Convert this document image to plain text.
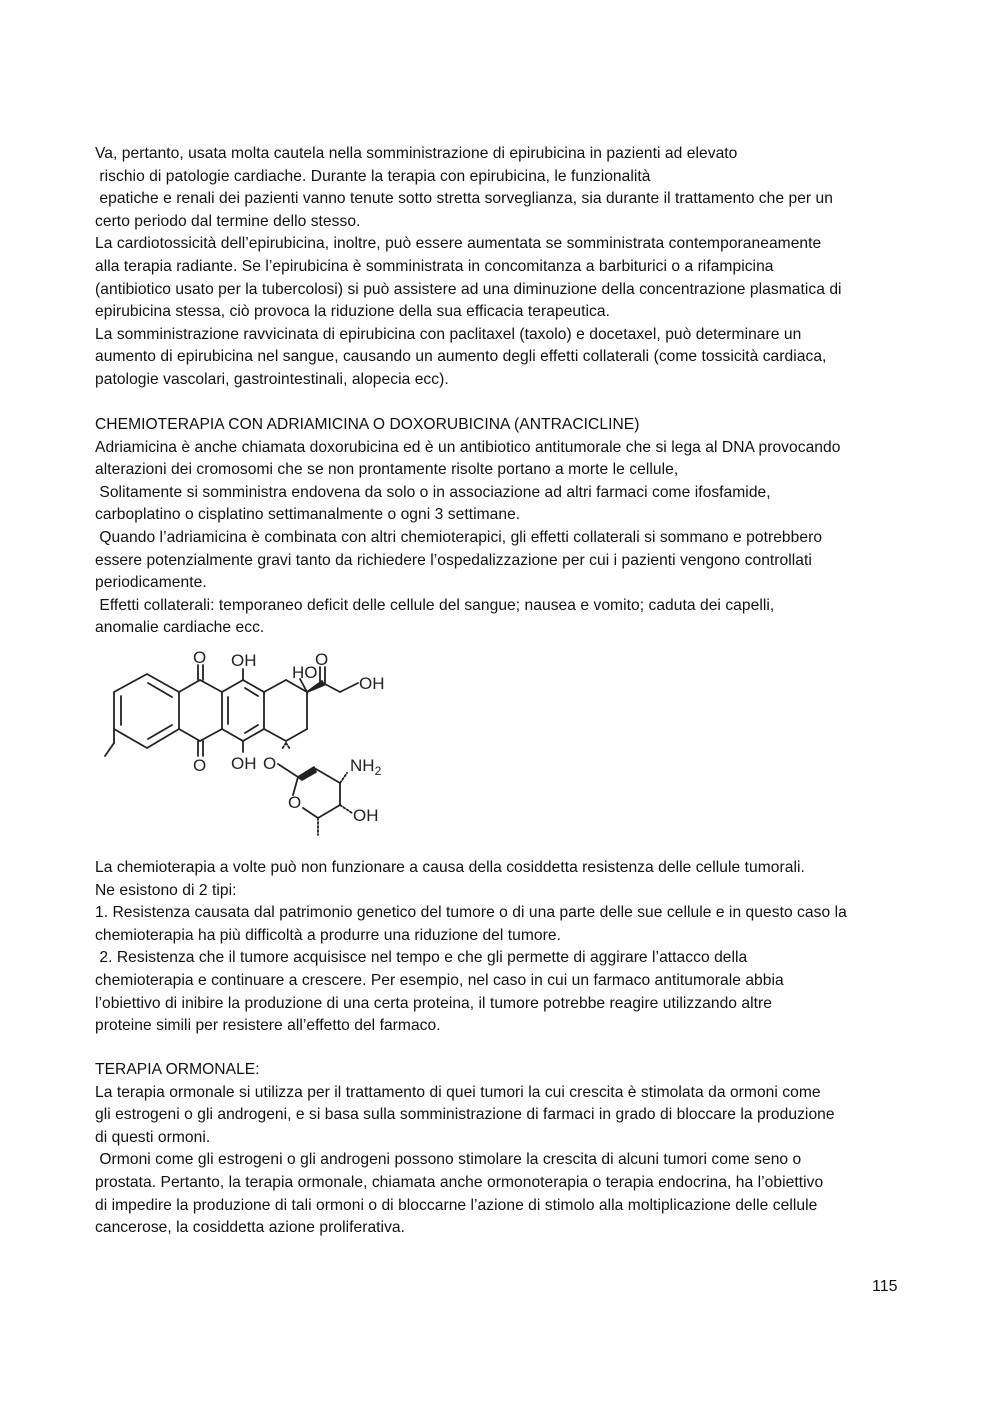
Va, pertanto, usata molta cautela nella somministrazione di epirubicina in pazienti ad elevato
rischio di patologie cardiache. Durante la terapia con epirubicina, le funzionalità
epatiche e renali dei pazienti vanno tenute sotto stretta sorveglianza, sia durante il trattamento che per un
certo periodo dal termine dello stesso.
La cardiotossicità dell’epirubicina, inoltre, può essere aumentata se somministrata contemporaneamente
alla terapia radiante. Se l’epirubicina è somministrata in concomitanza a barbiturici o a rifampicina
(antibiotico usato per la tubercolosi) si può assistere ad una diminuzione della concentrazione plasmatica di
epirubicina stessa, ciò provoca la riduzione della sua efficacia terapeutica.
La somministrazione ravvicinata di epirubicina con paclitaxel (taxolo) e docetaxel, può determinare un
aumento di epirubicina nel sangue, causando un aumento degli effetti collaterali (come tossicità cardiaca,
patologie vascolari, gastrointestinali, alopecia ecc).
CHEMIOTERAPIA CON ADRIAMICINA O DOXORUBICINA (ANTRACICLINE)
Adriamicina è anche chiamata doxorubicina ed è un antibiotico antitumorale che si lega al DNA provocando
alterazioni dei cromosomi che se non prontamente risolte portano a morte le cellule,
Solitamente si somministra endovena da solo o in associazione ad altri farmaci come ifosfamide,
carboplatino o cisplatino settimanalmente o ogni 3 settimane.
Quando l’adriamicina è combinata con altri chemioterapici, gli effetti collaterali si sommano e potrebbero
essere potenzialmente gravi tanto da richiedere l’ospedalizzazione per cui i pazienti vengono controllati
periodicamente.
Effetti collaterali: temporaneo deficit delle cellule del sangue; nausea e vomito; caduta dei capelli,
anomalie cardiache ecc.
O OH
HO
O
OH
O OH O	$NH_2$
O
OH
La chemioterapia a volte può non funzionare a causa della cosiddetta resistenza delle cellule tumorali.
Ne esistono di 2 tipi:
1. Resistenza causata dal patrimonio genetico del tumore o di una parte delle sue cellule e in questo caso la
chemioterapia ha più difficoltà a produrre una riduzione del tumore.
2. Resistenza che il tumore acquisisce nel tempo e che gli permette di aggirare l’attacco della
chemioterapia e continuare a crescere. Per esempio, nel caso in cui un farmaco antitumorale abbia
l’obiettivo di inibire la produzione di una certa proteina, il tumore potrebbe reagire utilizzando altre
proteine simili per resistere all’effetto del farmaco.
TERAPIA ORMONALE:
La terapia ormonale si utilizza per il trattamento di quei tumori la cui crescita è stimolata da ormoni come
gli estrogeni o gli androgeni, e si basa sulla somministrazione di farmaci in grado di bloccare la produzione
di questi ormoni.
Ormoni come gli estrogeni o gli androgeni possono stimolare la crescita di alcuni tumori come seno o
prostata. Pertanto, la terapia ormonale, chiamata anche ormonoterapia o terapia endocrina, ha l’obiettivo
di impedire la produzione di tali ormoni o di bloccarne l’azione di stimolo alla moltiplicazione delle cellule
cancerose, la cosiddetta azione proliferativa.
115
